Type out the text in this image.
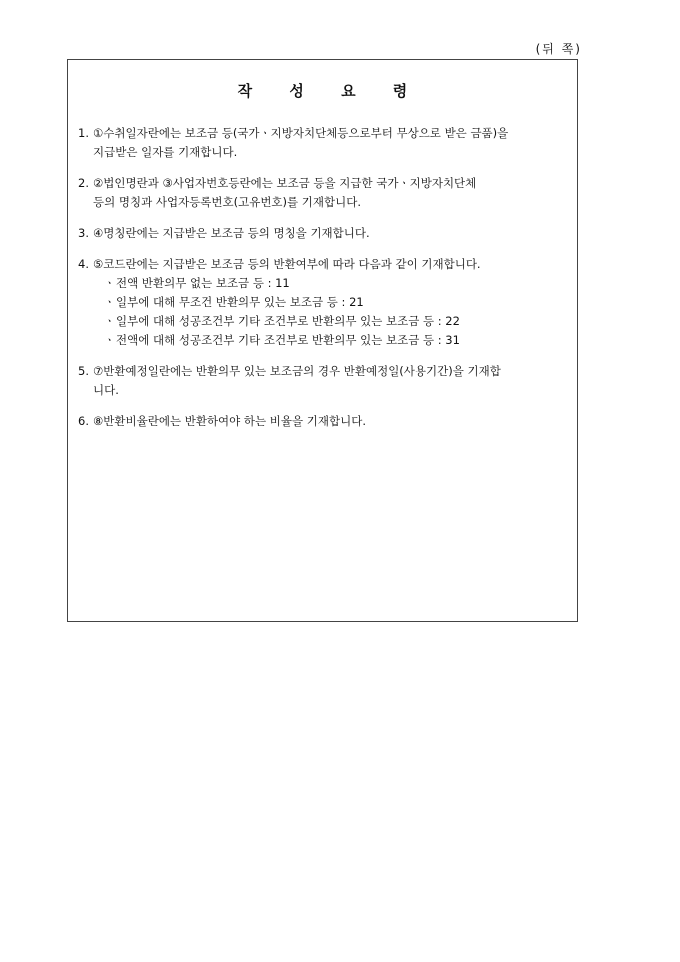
(뒤 쪽)
작 성 요 령
1. ①수취일자란에는 보조금 등(국가ㆍ지방자치단체등으로부터 무상으로 받은 금품)을
지급받은 일자를 기재합니다.
2. ②법인명란과 ③사업자번호등란에는 보조금 등을 지급한 국가ㆍ지방자치단체
등의 명칭과 사업자등록번호(고유번호)를 기재합니다.
3. ④명칭란에는 지급받은 보조금 등의 명칭을 기재합니다.
4. ⑤코드란에는 지급받은 보조금 등의 반환여부에 따라 다음과 같이 기재합니다.
ㆍ전액 반환의무 없는 보조금 등 : 11
ㆍ일부에 대해 무조건 반환의무 있는 보조금 등 : 21
ㆍ일부에 대해 성공조건부 기타 조건부로 반환의무 있는 보조금 등 : 22
ㆍ전액에 대해 성공조건부 기타 조건부로 반환의무 있는 보조금 등 : 31
5. ⑦반환예정일란에는 반환의무 있는 보조금의 경우 반환예정일(사용기간)을 기재합
니다.
6. ⑧반환비율란에는 반환하여야 하는 비율을 기재합니다.
